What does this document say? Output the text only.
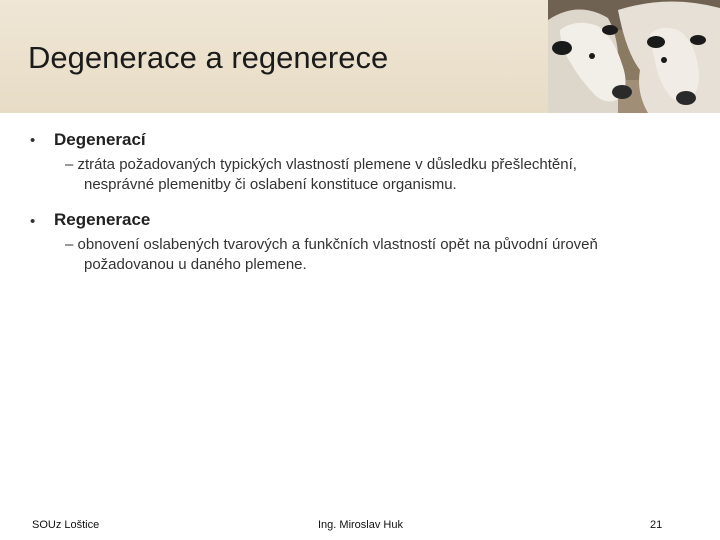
Degenerace a regenerece
• Degenerací
– ztráta požadovaných typických vlastností plemene v důsledku přešlechtění,
nesprávné plemenitby či oslabení konstituce organismu.
• Regenerace
– obnovení oslabených tvarových a funkčních vlastností opět na původní úroveň
požadovanou u daného plemene.
SOUz Loštice	Ing. Miroslav Huk	21
